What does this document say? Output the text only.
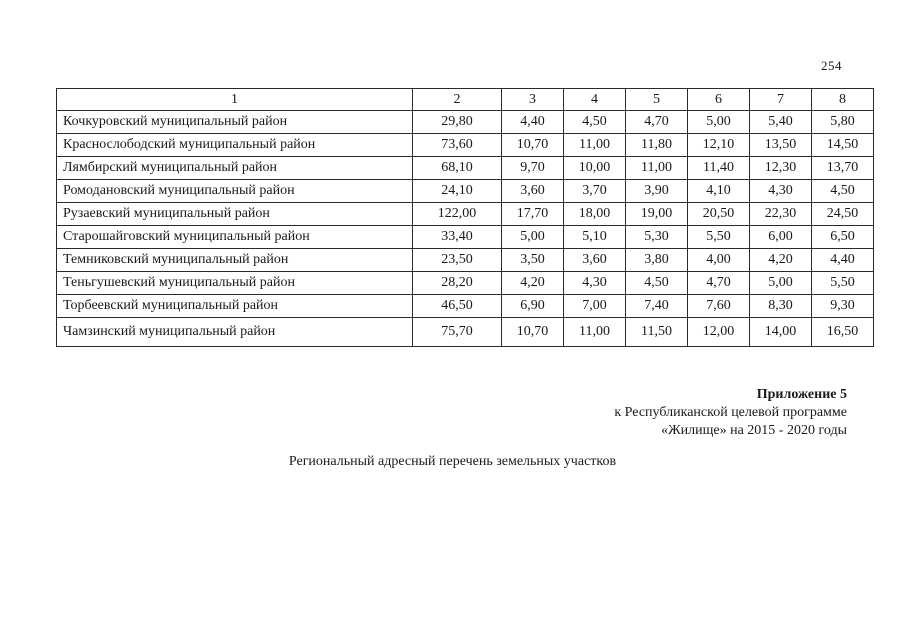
254
1	2	3	4	5	6	7	8
Кочкуровский муниципальный район	29,80	4,40	4,50	4,70	5,00	5,40	5,80
Краснослободский муниципальный район	73,60	10,70	11,00	11,80	12,10	13,50	14,50
Лямбирский муниципальный район	68,10	9,70	10,00	11,00	11,40	12,30	13,70
Ромодановский муниципальный район	24,10	3,60	3,70	3,90	4,10	4,30	4,50
Рузаевский муниципальный район	122,00	17,70	18,00	19,00	20,50	22,30	24,50
Старошайговский муниципальный район	33,40	5,00	5,10	5,30	5,50	6,00	6,50
Темниковский муниципальный район	23,50	3,50	3,60	3,80	4,00	4,20	4,40
Теньгушевский муниципальный район	28,20	4,20	4,30	4,50	4,70	5,00	5,50
Торбеевский муниципальный район	46,50	6,90	7,00	7,40	7,60	8,30	9,30
Чамзинский муниципальный район	75,70	10,70	11,00	11,50	12,00	14,00	16,50
Приложение 5
к Республиканской целевой программе
«Жилище» на 2015 - 2020 годы
Региональный адресный перечень земельных участков
